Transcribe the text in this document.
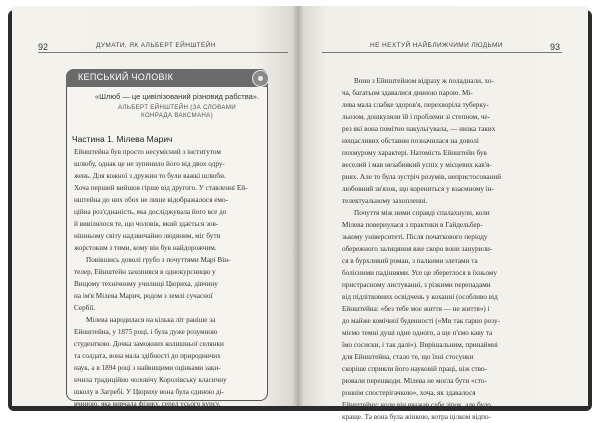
92	ДУМАТИ, ЯК АЛЬБЕРТ ЕЙНШТЕЙН
КЕПСЬКИЙ ЧОЛОВІК
«Шлюб — це цивілізований різновид рабства».
АЛЬБЕРТ ЕЙНШТЕЙН (ЗА СЛОВАМИ
КОНРАДА ВАКСМАНА)
Частина 1. Мілева Марич
Ейнштейна був просто несумісний з інститутом
шлюбу, однак це не зупинило його від двох одру-
жень. Для кожної з дружин то були важкі шлюби.
Хоча перший вийшов гірше від другого. У ставленні Ей-
нштейна до них обох не лише відображалося емо-
ційна роз'єднаність, яка досліджувала його все до
й вивілялося те, що чоловік, який здається зов-
нішньому світу надзвичайно людяним, міг бути
жорстоким з тими, кому він був найдорожчим.
Повівшись доволі грубо з почуттями Марі Він-
телер, Ейнштейн захопився в однокурсницю у
Вищому технічному училищі Цюриха, дівчину
на ім'я Мілева Марич, родом з землі сучасної
Сербії.
Мілева народилася на кілька літ раніше за
Ейнштейна, у 1875 році, і була дуже розумною
студенткою. Дочка заможних колишньої селянки
та солдата, вона мала здібності до природничих
наук, а в 1894 році з найвищими оцінками заки-
нчила традиційно чоловічу Королівську класичну
школу в Загребі. У Цюриху вона була єдиною ді-
вчиною, яка вивчала фізику, серед усього курсу.
НЕ НЕХТУЙ НАЙБЛИЖЧИМИ ЛЮДЬМИ	93
Вони з Ейнштейном відразу ж поладнали, хо-
ча, багатьом здавалися дивною парою. Мі-
лева мала слабке здоров'я, перехворіла туберку-
льозом, дошкуляли їй і проблеми зі степном, че-
рез які вона помітно накульгувала, — низка таких
нещасливих обставин позначилася на доволі
похмурому характері. Натомість Ейнштейн був
веселий і мав незабиякий успіх у місцевих кав'я-
рнях. Але то була зустріч розумів, непристосований
любовний зв'язок, що корениться у взаємному ін-
телектуальному захопленні.
Почуття між ними справді спалахнули, коли
Мілева повернулася з практики в Гайдельбер-
зькому університеті. Після початкового періоду
обережного залицяння вже скоро вони занурили-
ся в бурхливий роман, з палкими злетами та
болісними падіннями. Усе це збереглося в їхньому
пристрасному листуванні, з різкими перепадами
від підлітковиих освідчень у коханні (особливо від
Ейнштейна: «без тебе моє життя — не життя») і
до майже комічної буденності («Ми так гарно розу-
міємо темні душі одне одного, а ще п'ємо каву та
їмо сосиски, і так далі»). Вирішальним, принаймні
для Ейнштейна, стало те, що їхні стосунки
скоріше сприяли його науковій праці, ніж ство-
рювали перешкоди. Мілева не могла бути «сто-
роннім спостерігачкою», хоча, як здавалося
Ейнштейну; коли він вважав себе зірок, але було
краще. Та вона була жінкою, котра цілком відпо-
